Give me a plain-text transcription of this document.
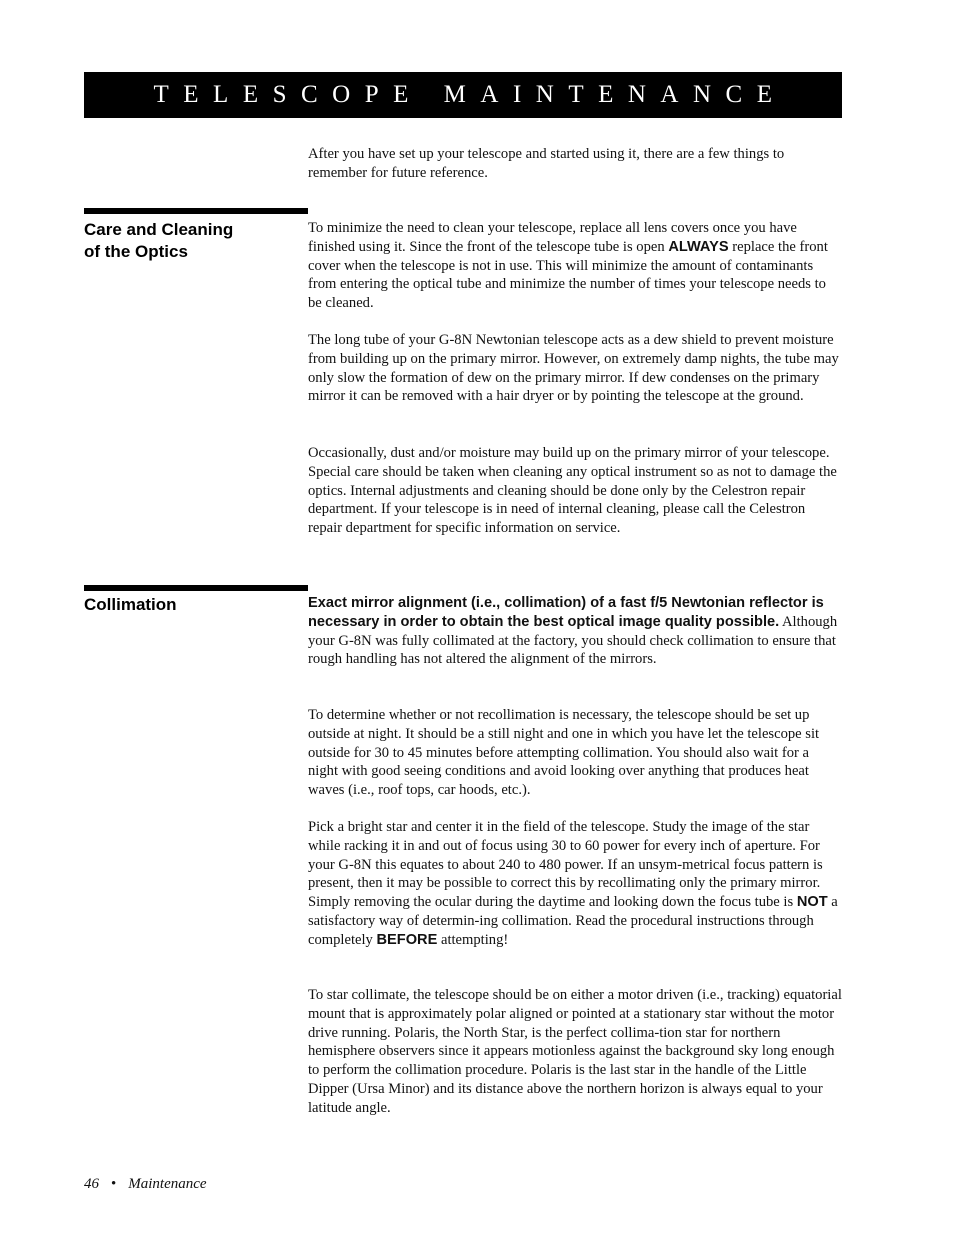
TELESCOPE MAINTENANCE

After you have set up your telescope and started using it, there are a few things to remember for future reference.

Care and Cleaning
of the Optics

To minimize the need to clean your telescope, replace all lens covers once you have finished using it. Since the front of the telescope tube is open ALWAYS replace the front cover when the telescope is not in use. This will minimize the amount of contaminants from entering the optical tube and minimize the number of times your telescope needs to be cleaned.

The long tube of your G-8N Newtonian telescope acts as a dew shield to prevent moisture from building up on the primary mirror. However, on extremely damp nights, the tube may only slow the formation of dew on the primary mirror. If dew condenses on the primary mirror it can be removed with a hair dryer or by pointing the telescope at the ground.

Occasionally, dust and/or moisture may build up on the primary mirror of your telescope. Special care should be taken when cleaning any optical instrument so as not to damage the optics. Internal adjustments and cleaning should be done only by the Celestron repair department. If your telescope is in need of internal cleaning, please call the Celestron repair department for specific information on service.

Collimation	Exact mirror alignment (i.e., collimation) of a fast f/5 Newtonian reflector is necessary in order to obtain the best optical image quality possible. Although your G-8N was fully collimated at the factory, you should check collimation to ensure that rough handling has not altered the alignment of the mirrors.

To determine whether or not recollimation is necessary, the telescope should be set up outside at night. It should be a still night and one in which you have let the telescope sit outside for 30 to 45 minutes before attempting collimation. You should also wait for a night with good seeing conditions and avoid looking over anything that produces heat waves (i.e., roof tops, car hoods, etc.).

Pick a bright star and center it in the field of the telescope. Study the image of the star while racking it in and out of focus using 30 to 60 power for every inch of aperture. For your G-8N this equates to about 240 to 480 power. If an unsym-metrical focus pattern is present, then it may be possible to correct this by recollimating only the primary mirror. Simply removing the ocular during the daytime and looking down the focus tube is NOT a satisfactory way of determin-ing collimation. Read the procedural instructions through completely BEFORE attempting!

To star collimate, the telescope should be on either a motor driven (i.e., tracking) equatorial mount that is approximately polar aligned or pointed at a stationary star without the motor drive running. Polaris, the North Star, is the perfect collima-tion star for northern hemisphere observers since it appears motionless against the background sky long enough to perform the collimation procedure. Polaris is the last star in the handle of the Little Dipper (Ursa Minor) and its distance above the northern horizon is always equal to your latitude angle.

46 • Maintenance
